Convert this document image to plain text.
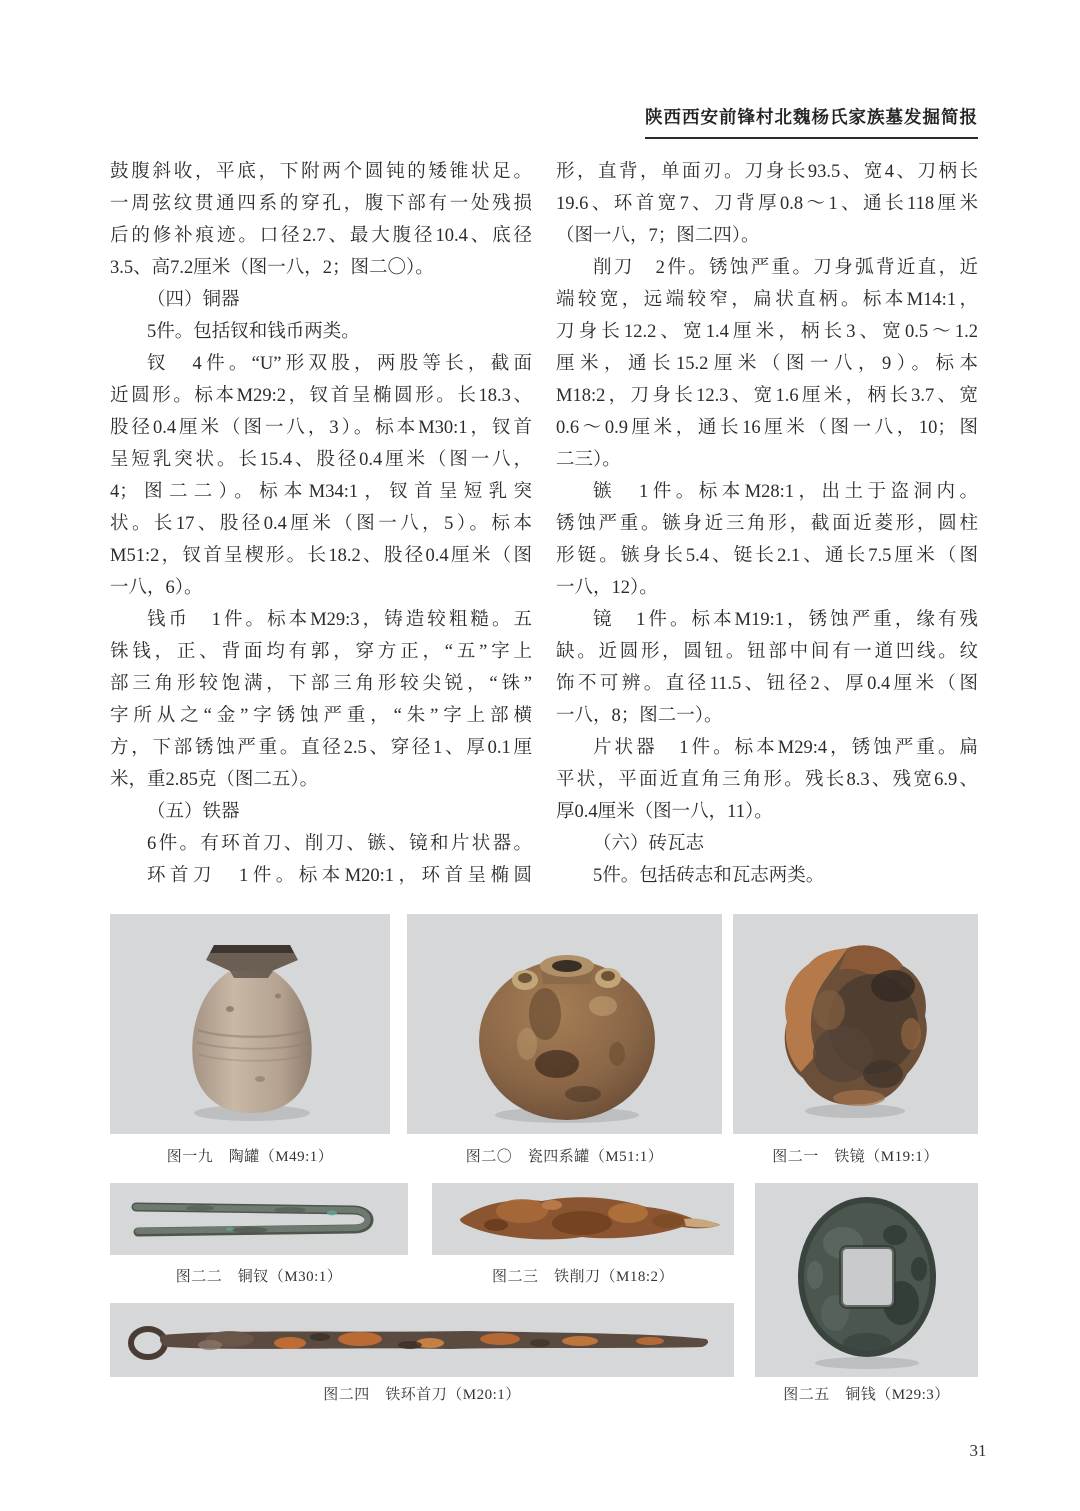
陕西西安前锋村北魏杨氏家族墓发掘简报
鼓腹斜收，平底，下附两个圆钝的矮锥状足。
一周弦纹贯通四系的穿孔，腹下部有一处残损
后的修补痕迹。口径2.7、最大腹径10.4、底径
3.5、高7.2厘米（图一八，2；图二〇）。
（四）铜器
5件。包括钗和钱币两类。
钗　4件。“U”形双股，两股等长，截面
近圆形。标本M29:2，钗首呈椭圆形。长18.3、
股径0.4厘米（图一八，3）。标本M30:1，钗首
呈短乳突状。长15.4、股径0.4厘米（图一八，
4；图二二）。标本M34:1，钗首呈短乳突
状。长17、股径0.4厘米（图一八，5）。标本
M51:2，钗首呈楔形。长18.2、股径0.4厘米（图
一八，6）。
钱币　1件。标本M29:3，铸造较粗糙。五
铢钱，正、背面均有郭，穿方正，“五”字上
部三角形较饱满，下部三角形较尖锐，“铢”
字所从之“金”字锈蚀严重，“朱”字上部横
方，下部锈蚀严重。直径2.5、穿径1、厚0.1厘
米，重2.85克（图二五）。
（五）铁器
6件。有环首刀、削刀、镞、镜和片状器。
环首刀　1件。标本M20:1，环首呈椭圆
形，直背，单面刃。刀身长93.5、宽4、刀柄长
19.6、环首宽7、刀背厚0.8～1、通长118厘米
（图一八，7；图二四）。
削刀　2件。锈蚀严重。刀身弧背近直，近
端较宽，远端较窄，扁状直柄。标本M14:1，
刀身长12.2、宽1.4厘米，柄长3、宽0.5～1.2
厘米，通长15.2厘米（图一八，9）。标本
M18:2，刀身长12.3、宽1.6厘米，柄长3.7、宽
0.6～0.9厘米，通长16厘米（图一八，10；图
二三）。
镞　1件。标本M28:1，出土于盗洞内。
锈蚀严重。镞身近三角形，截面近菱形，圆柱
形铤。镞身长5.4、铤长2.1、通长7.5厘米（图
一八，12）。
镜　1件。标本M19:1，锈蚀严重，缘有残
缺。近圆形，圆钮。钮部中间有一道凹线。纹
饰不可辨。直径11.5、钮径2、厚0.4厘米（图
一八，8；图二一）。
片状器　1件。标本M29:4，锈蚀严重。扁
平状，平面近直角三角形。残长8.3、残宽6.9、
厚0.4厘米（图一八，11）。
（六）砖瓦志
5件。包括砖志和瓦志两类。
图一九　陶罐（M49:1）	图二〇　瓷四系罐（M51:1）	图二一　铁镜（M19:1）
图二二　铜钗（M30:1）	图二三　铁削刀（M18:2）
图二四　铁环首刀（M20:1）	图二五　铜钱（M29:3）
31
